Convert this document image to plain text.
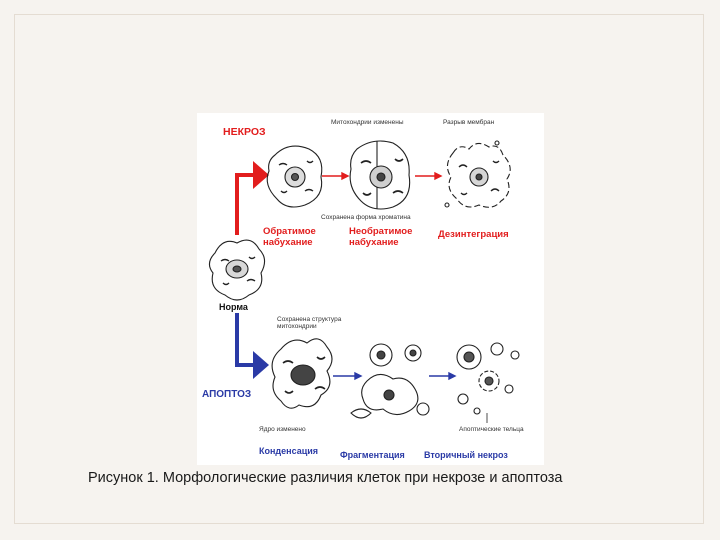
НЕКРОЗ
АПОПТОЗ
Норма
Митохондрии изменены	Разрыв мембран
Сохранена форма хроматина
Обратимое
набухание
Необратимое
набухание
Дезинтеграция
Сохранена структура
митохондрии
Ядро изменено	Апоптические тельца
Конденсация Фрагментация Вторичный некроз
Рисунок 1. Морфологические различия клеток при некрозе и апоптоза
